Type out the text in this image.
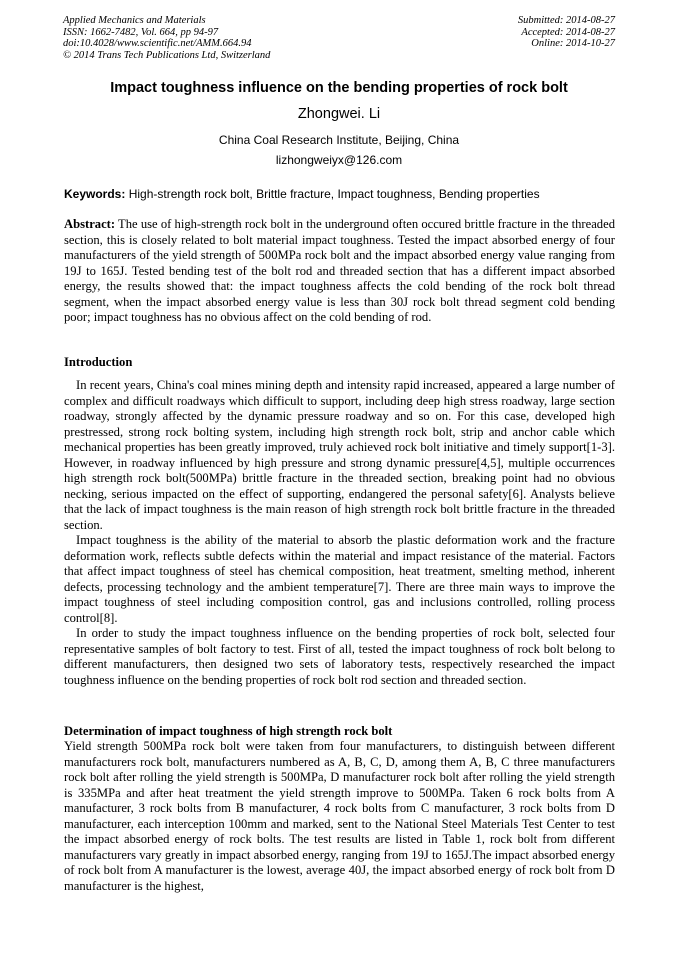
Applied Mechanics and Materials
ISSN: 1662-7482, Vol. 664, pp 94-97
doi:10.4028/www.scientific.net/AMM.664.94
© 2014 Trans Tech Publications Ltd, Switzerland
Submitted: 2014-08-27
Accepted: 2014-08-27
Online: 2014-10-27
Impact toughness influence on the bending properties of rock bolt
Zhongwei. Li
China Coal Research Institute, Beijing, China
lizhongweiyx@126.com
Keywords: High-strength rock bolt, Brittle fracture, Impact toughness, Bending properties
Abstract: The use of high-strength rock bolt in the underground often occured brittle fracture in the threaded section, this is closely related to bolt material impact toughness. Tested the impact absorbed energy of four manufacturers of the yield strength of 500MPa rock bolt and the impact absorbed energy value ranging from 19J to 165J. Tested bending test of the bolt rod and threaded section that has a different impact absorbed energy, the results showed that: the impact toughness affects the cold bending of the rock bolt thread segment, when the impact absorbed energy value is less than 30J rock bolt thread segment cold bending poor; impact toughness has no obvious affect on the cold bending of rod.
Introduction

In recent years, China's coal mines mining depth and intensity rapid increased, appeared a large number of complex and difficult roadways which difficult to support, including deep high stress roadway, large section roadway, strongly affected by the dynamic pressure roadway and so on. For this case, developed high prestressed, strong rock bolting system, including high strength rock bolt, strip and anchor cable which mechanical properties has been greatly improved, truly achieved rock bolt initiative and timely support[1-3]. However, in roadway influenced by high pressure and strong dynamic pressure[4,5], multiple occurrences high strength rock bolt(500MPa) brittle fracture in the threaded section, breaking point had no obvious necking, serious impacted on the effect of supporting, endangered the personal safety[6]. Analysts believe that the lack of impact toughness is the main reason of high strength rock bolt brittle fracture in the threaded section.

Impact toughness is the ability of the material to absorb the plastic deformation work and the fracture deformation work, reflects subtle defects within the material and impact resistance of the material. Factors that affect impact toughness of steel has chemical composition, heat treatment, smelting method, inherent defects, processing technology and the ambient temperature[7]. There are three main ways to improve the impact toughness of steel including composition control, gas and inclusions controlled, rolling process control[8].

In order to study the impact toughness influence on the bending properties of rock bolt, selected four representative samples of bolt factory to test. First of all, tested the impact toughness of rock bolt belong to different manufacturers, then designed two sets of laboratory tests, respectively researched the impact toughness influence on the bending properties of rock bolt rod section and threaded section.

Determination of impact toughness of high strength rock bolt

Yield strength 500MPa rock bolt were taken from four manufacturers, to distinguish between different manufacturers rock bolt, manufacturers numbered as A, B, C, D, among them A, B, C three manufacturers rock bolt after rolling the yield strength is 500MPa, D manufacturer rock bolt after rolling the yield strength is 335MPa and after heat treatment the yield strength improve to 500MPa. Taken 6 rock bolts from A manufacturer, 3 rock bolts from B manufacturer, 4 rock bolts from C manufacturer, 3 rock bolts from D manufacturer, each interception 100mm and marked, sent to the National Steel Materials Test Center to test the impact absorbed energy of rock bolts. The test results are listed in Table 1, rock bolt from different manufacturers vary greatly in impact absorbed energy, ranging from 19J to 165J.The impact absorbed energy of rock bolt from A manufacturer is the lowest, average 40J, the impact absorbed energy of rock bolt from D manufacturer is the highest,
